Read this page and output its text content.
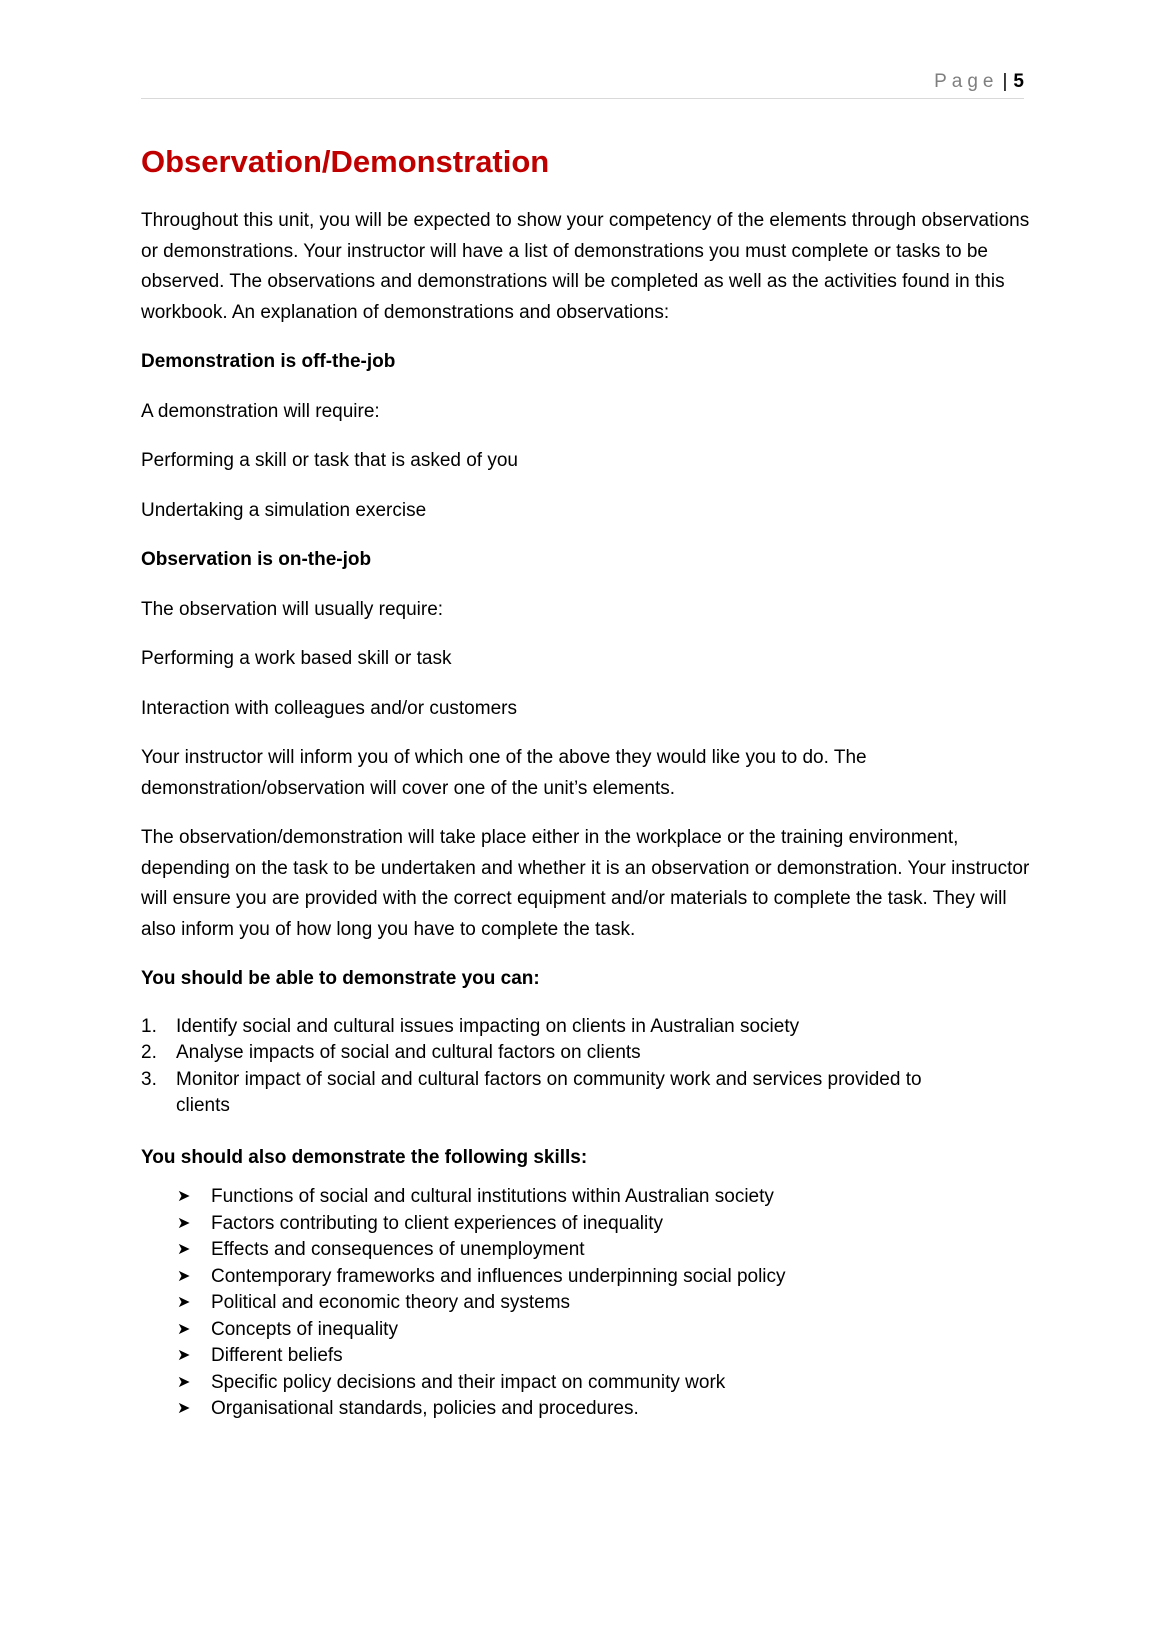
Page | 5
Observation/Demonstration

Throughout this unit, you will be expected to show your competency of the elements through observations or demonstrations. Your instructor will have a list of demonstrations you must complete or tasks to be observed. The observations and demonstrations will be completed as well as the activities found in this workbook. An explanation of demonstrations and observations:

Demonstration is off-the-job

A demonstration will require:

Performing a skill or task that is asked of you

Undertaking a simulation exercise

Observation is on-the-job

The observation will usually require:

Performing a work based skill or task

Interaction with colleagues and/or customers

Your instructor will inform you of which one of the above they would like you to do. The demonstration/observation will cover one of the unit’s elements.

The observation/demonstration will take place either in the workplace or the training environment, depending on the task to be undertaken and whether it is an observation or demonstration. Your instructor will ensure you are provided with the correct equipment and/or materials to complete the task. They will also inform you of how long you have to complete the task.

You should be able to demonstrate you can:

1. Identify social and cultural issues impacting on clients in Australian society
2. Analyse impacts of social and cultural factors on clients
3. Monitor impact of social and cultural factors on community work and services provided to clients

You should also demonstrate the following skills:

➤ Functions of social and cultural institutions within Australian society
➤ Factors contributing to client experiences of inequality
➤ Effects and consequences of unemployment
➤ Contemporary frameworks and influences underpinning social policy
➤ Political and economic theory and systems
➤ Concepts of inequality
➤ Different beliefs
➤ Specific policy decisions and their impact on community work
➤ Organisational standards, policies and procedures.
